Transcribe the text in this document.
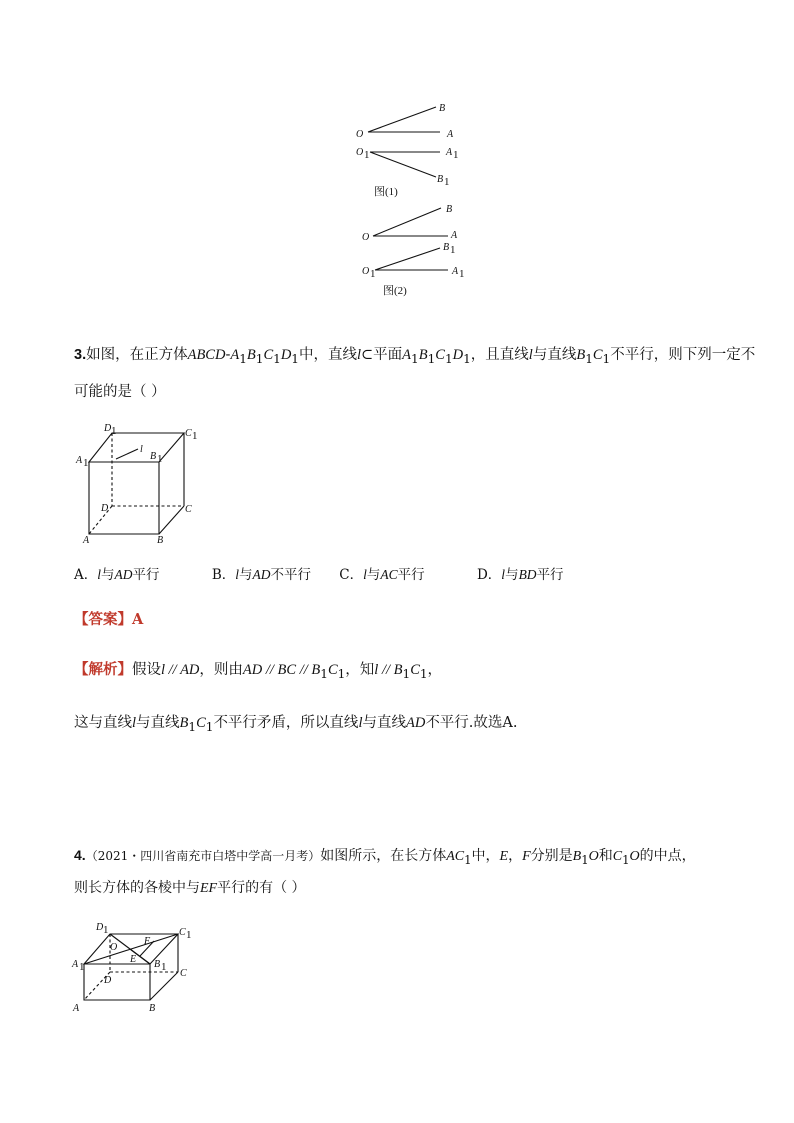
B
O	A
O 1	A 1
B 1
图(1)
B
O	A
B 1
O 1	A 1
图(2)
3.如图，在正方体ABCD-$A_1B_1C_1D_1$中，直线l⊂平面$A_1B_1C_1D_1$，且直线l与直线$B_1C_1$不平行，则下列一定不
可能的是（ ）
D 1	C 1
l
A 1
B 1
D	C
A	B
A．l与AD平行	B．l与AD不平行 C．l与AC平行	D．l与BD平行
【答案】A
【解析】假设l // AD，则由AD // BC // $B_1C_1$，知l // $B_1C_1$，
这与直线l与直线$B_1C_1$不平行矛盾，所以直线l与直线AD不平行.故选A.
4.（2021・四川省南充市白塔中学高一月考）如图所示，在长方体$AC_1$中，E，F分别是$B_1O$和$C_1O$的中点，
则长方体的各棱中与EF平行的有（ ）
D 1	C 1
O
F
E
A 1	B 1
D
C
A	B
